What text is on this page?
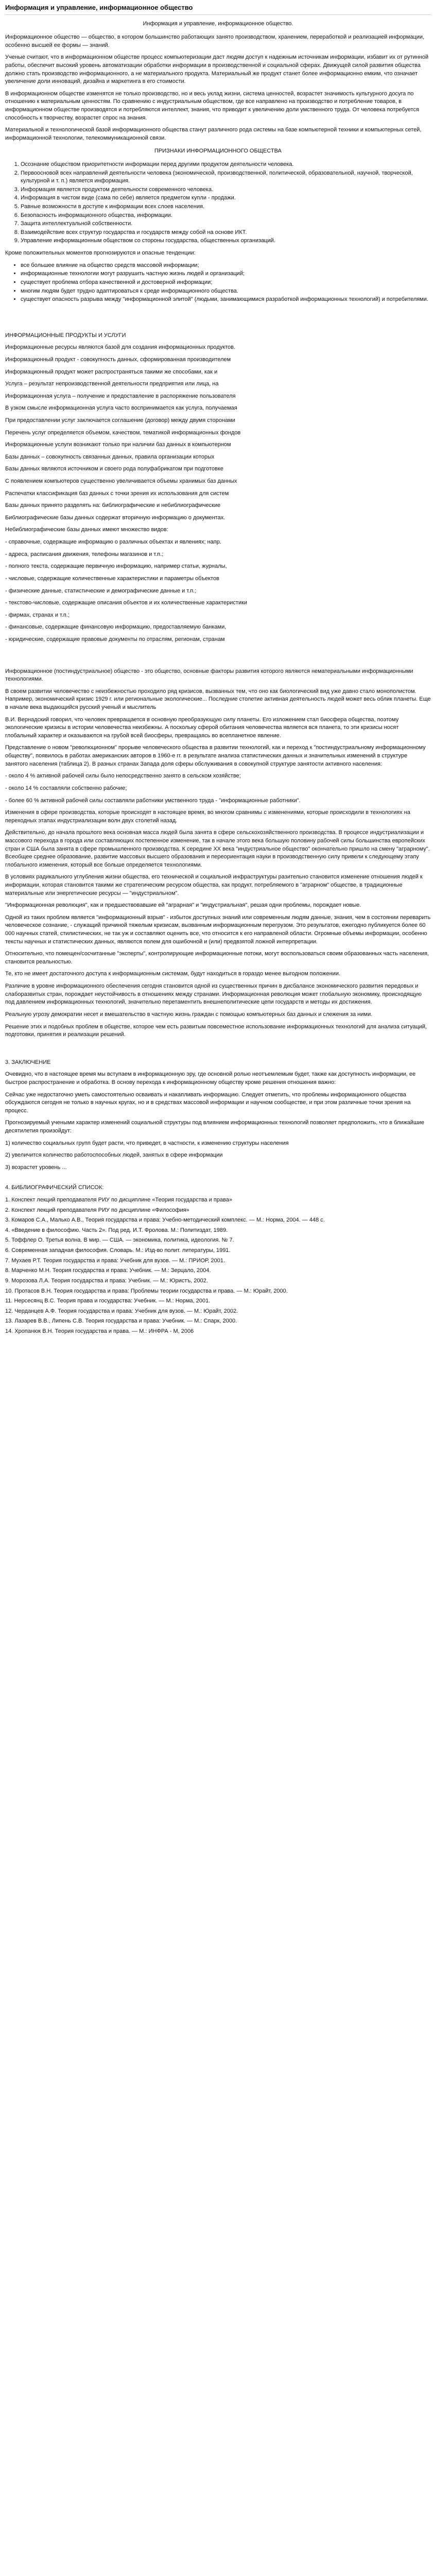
Информация и управление, информационное общество
Информация и управление, информационное общество.

Информационное общество — общество, в котором большинство работающих занято производством, хранением, переработкой и реализацией информации, особенно высшей ее формы — знаний.

Ученые считают, что в информационном обществе процесс компьютеризации даст людям доступ к надежным источникам информации, избавит их от рутинной работы, обеспечит высокий уровень автоматизации обработки информации в производственной и социальной сферах. Движущей силой развития общества должно стать производство информационного, а не материального продукта. Материальный же продукт станет более информационно емким, что означает увеличение доли инноваций, дизайна и маркетинга в его стоимости.

В информационном обществе изменятся не только производство, но и весь уклад жизни, система ценностей, возрастет значимость культурного досуга по отношению к материальным ценностям. По сравнению с индустриальным обществом, где все направлено на производство и потребление товаров, в информационном обществе производятся и потребляются интеллект, знания, что приводит к увеличению доли умственного труда. От человека потребуется способность к творчеству, возрастет спрос на знания.

Материальной и технологической базой информационного общества станут различного рода системы на базе компьютерной техники и компьютерных сетей, информационной технологии, телекоммуникационной связи.

ПРИЗНАКИ ИНФОРМАЦИОННОГО ОБЩЕСТВА
1. Осознание обществом приоритетности информации перед другими продуктом деятельности человека.
2. Первоосновой всех направлений деятельности человека (экономической, производственной, политической, образовательной, научной, творческой, культурной и т. п.) является информация.
3. Информация является продуктом деятельности современного человека.
4. Информация в чистом виде (сама по себе) является предметом купли - продажи.
5. Равные возможности в доступе к информации всех слоев населения.
6. Безопасность информационного общества, информации.
7. Защита интеллектуальной собственности.
8. Взаимодействие всех структур государства и государств между собой на основе ИКТ.
9. Управление информационным обществом со стороны государства, общественных организаций.

Кроме положительных моментов прогнозируются и опасные тенденции:

• все большее влияние на общество средств массовой информации;
• информационные технологии могут разрушить частную жизнь людей и организаций;
• существует проблема отбора качественной и достоверной информации;
• многим людям будет трудно адаптироваться к среде информационного общества.
• существует опасность разрыва между "информационной элитой" (людьми, занимающимися разработкой информационных технологий) и потребителями.
ИНФОРМАЦИОННЫЕ ПРОДУКТЫ И УСЛУГИ

Информационные ресурсы являются базой для создания информационных продуктов.

Информационный продукт - совокупность данных, сформированная производителем

Информационный продукт может распространяться такими же способами, как и

Услуга – результат непроизводственной деятельности предприятия или лица, на

Информационная услуга – получение и предоставление в распоряжение пользователя

В узком смысле информационная услуга часто воспринимается как услуга, получаемая

При предоставлении услуг заключается соглашение (договор) между двумя сторонами

Перечень услуг определяется объемом, качеством, тематикой информационных фондов

Информационные услуги возникают только при наличии баз данных в компьютерном

Базы данных – совокупность связанных данных, правила организации которых

Базы данных являются источником и своего рода полуфабрикатом при подготовке

С появлением компьютеров существенно увеличивается объемы хранимых баз данных

Распечатки классификация баз данных с точки зрения их использования для систем

Базы данных принято разделять на: библиографические и небиблиографические

Библиографические базы данных содержат вторичную информацию о документах.

Небиблиографические базы данных имеют множество видов:

- справочные, содержащие информацию о различных объектах и явлениях; напр.

- адреса, расписания движения, телефоны магазинов и т.п.;

- полного текста, содержащие первичную информацию, например статьи, журналы,

- числовые, содержащие количественные характеристики и параметры объектов

- физические данные, статистические и демографические данные и т.п.;

- текстово-числовые, содержащие описания объектов и их количественные характеристики

- фирмах, странах и т.п.;

- финансовые, содержащие финансовую информацию, предоставляемую банками,

- юридические, содержащие правовые документы по отраслям, регионам, странам

Информационное (постиндустриальное) общество - это общество, основные факторы развития которого являются нематериальными информационными технологиями.

В своем развитии человечество с неизбежностью проходило ряд кризисов, вызванных тем, что оно как биологический вид уже давно стало монополистом. Например, экономический кризис 1929 г. или региональные экологические... Последние столетие активная деятельность людей может весь облик планеты. Еще в начале века выдающийся русский ученый и мыслитель

В.И. Вернадский говорил, что человек превращается в основную преобразующую силу планеты. Его изложением стал биосфера общества, поэтому экологические кризисы в истории человечества неизбежны. А поскольку сферой обитания человечества является вся планета, то эти кризисы носят глобальный характер и оказываются на грубой всей биосферы, превращаясь во всепланетное явление.

Представление о новом "революционном" прорыве человеческого общества в развитии технологий, как и переход к "постиндустриальному информационному обществу", появилось в работах американских авторов в 1960-е гг. в результате анализа статистических данных и значительных изменений в структуре занятого населения (таблица 2). В разных странах Запада доля сферы обслуживания в совокупной структуре занятости активного населения:

- около 4 % активной рабочей силы было непосредственно занято в сельском хозяйстве;

- около 14 % составляли собственно рабочие;

- более 60 % активной рабочей силы составляли работники умственного труда - "информационные работники".

Изменения в сфере производства, которые происходят в настоящее время, во многом сравнимы с изменениями, которые происходили в технологиях на переходных этапах индустриализации волн двух столетий назад.

Действительно, до начала прошлого века основная масса людей была занята в сфере сельскохозяйственного производства. В процессе индустриализации и массового перехода в города или составляющих постепенное изменение, так в начале этого века большую половину рабочей силы большинства европейских стран и США была занята в сфере промышленного производства. К середине XX века "индустриальное общество" окончательно пришло на смену "аграрному". Всеобщее среднее образование, развитие массовых высшего образования и переориентация науки в производственную силу привели к следующему этапу глобального изменения, который все больше определяется технологиями.

В условиях радикального углубления жизни общества, его технической и социальной инфраструктуры разительно становится изменение отношения людей к информации, которая становится такими же стратегическим ресурсом общества, как продукт, потребляемого в "аграрном" обществе, в традиционные материальные или энергетические ресурсы — "индустриальном".

"Информационная революция", как и предшествовавшие ей "аграрная" и "индустриальная", решая одни проблемы, порождает новые.

Одной из таких проблем является "информационный взрыв" - избыток доступных знаний или современным людям данные, знания, чем в состоянии переварить человеческое сознание, - служащий причиной тяжелым кризисам, вызванным информационным перегрузом. Это результатов, ежегодно публикуется более 60 000 научных статей, стилистических, не так уж и составляют оценить все, что относится к его направленой области. Огромные объемы информации, особенно тексты научных и статистических данных, являются полем для ошибочной и (или) предвзятой ложной интерпретации.

Относительно, что помещен/сосчитанные "эксперты", контролирующие информационные потоки, могут воспользоваться своим образованных часть населения, становится реальностью.

Те, кто не имеет достаточного доступа к информационным системам, будут находиться в гораздо менее выгодном положении.

Различие в уровне информационного обеспечения сегодня становится одной из существенных причин в дисбалансе экономического развития передовых и слаборазвитых стран, порождает неустойчивость в отношениях между странами. Информационная революция может глобальную экономику, происходящую под давлением информационных технологий, значительно перетаментить внешнеполитические цепи государств и методы их достижения.

Реальную угрозу демократии несет и вмешательство в частную жизнь граждан с помощью компьютерных баз данных и слежения за ними.

Решение этих и подобных проблем в обществе, которое чем есть развитым повсеместное использование информационных технологий для анализа ситуаций, подготовки, принятия и реализации решений.

3. ЗАКЛЮЧЕНИЕ

Очевидно, что в настоящее время мы вступаем в информационную эру, где основной ролью неотъемлемым будет, также как доступность информации, ее быстрое распространение и обработка. В основу перехода к информационному обществу кроме решения отношения важно:

Сейчас уже недостаточно уметь самостоятельно осваивать и накапливать информацию. Следует отметить, что проблемы информационного общества обсуждаются сегодня не только в научных кругах, но и в средствах массовой информации и научном сообществе, и при этом различные точки зрения на процесс.

Прогнозируемый учеными характер изменений социальной структуры под влиянием информационных технологий позволяет предположить, что в ближайшие десятилетия произойдут:

1) количество социальных групп будет расти, что приведет, в частности, к изменению структуры населения

2) увеличится количество работоспособных людей, занятых в сфере информации

3) возрастет уровень ...

4. БИБЛИОГРАФИЧЕСКИЙ СПИСОК:

1. Конспект лекций преподавателя РИУ по дисциплине «Теория государства и права»

2. Конспект лекций преподавателя РИУ по дисциплине «Философия»

3. Комаров С.А., Малько А.В., Теория государства и права: Учебно-методический комплекс. — М.: Норма, 2004. — 448 с.

4. «Введение в философию. Часть 2». Под ред. И.Т. Фролова. М.: Политиздат, 1989.

5. Тоффлер О. Третья волна. В мир. — США. — экономика, политика, идеология. № 7.

6. Современная западная философия. Словарь. М.: Изд-во полит. литературы, 1991.

7. Мухаев Р.Т. Теория государства и права: Учебник для вузов. — М.: ПРИОР, 2001.

8. Марченко М.Н. Теория государства и права: Учебник. — М.: Зерцало, 2004.

9. Морозова Л.А. Теория государства и права: Учебник. — М.: Юристъ, 2002.

10. Протасов В.Н. Теория государства и права: Проблемы теории государства и права. — М.: Юрайт, 2000.

11. Нерсесянц В.С. Теория права и государства: Учебник. — М.: Норма, 2001.

12. Черданцев А.Ф. Теория государства и права: Учебник для вузов. — М.: Юрайт, 2002.

13. Лазарев В.В., Липень С.В. Теория государства и права: Учебник. — М.: Спарк, 2000.

14. Хропанюк В.Н. Теория государства и права. — М.: ИНФРА - М, 2006
